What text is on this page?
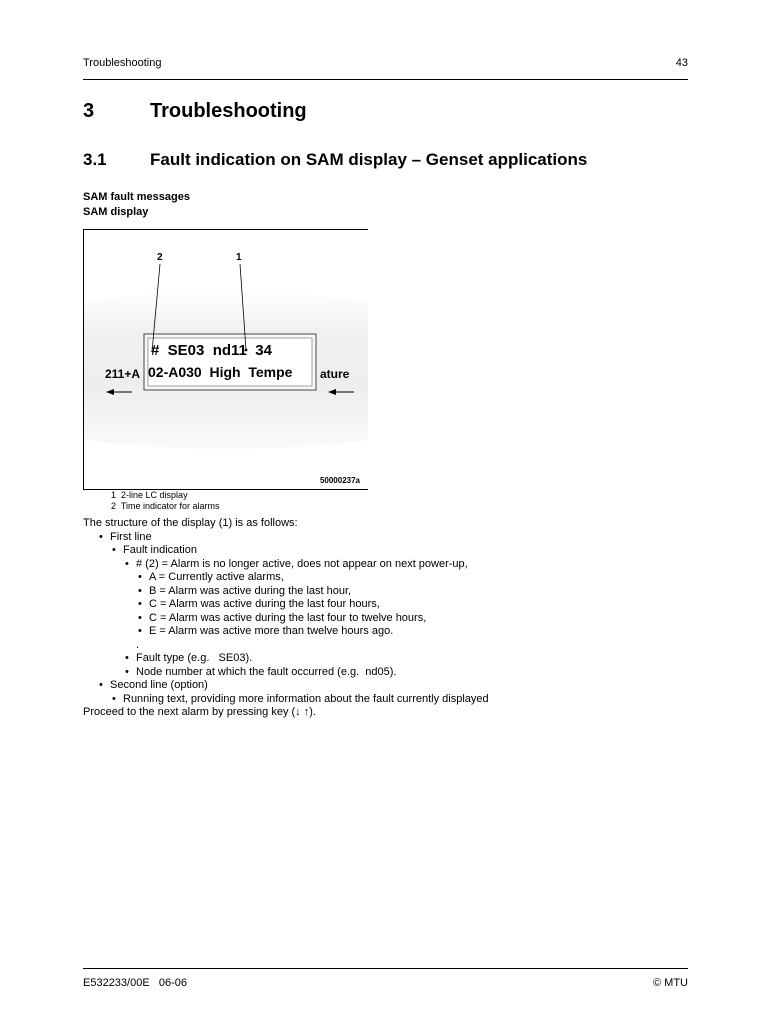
Troubleshooting	43
3	Troubleshooting
3.1	Fault indication on SAM display – Genset applications
SAM fault messages
SAM display
2	1
#  SE03  nd11  34
02-A030  High  Tempe
211+A	ature
50000237a
1 2-line LC display
2 Time indicator for alarms
The structure of the display (1) is as follows:
• First line
• Fault indication
• # (2) = Alarm is no longer active, does not appear on next power-up,
• A = Currently active alarms,
• B = Alarm was active during the last hour,
• C = Alarm was active during the last four hours,
• C = Alarm was active during the last four to twelve hours,
• E = Alarm was active more than twelve hours ago.
.
• Fault type (e.g.   SE03).
• Node number at which the fault occurred (e.g.  nd05).
• Second line (option)
• Running text, providing more information about the fault currently displayed
Proceed to the next alarm by pressing key (↓ ↑).
E532233/00E   06-06	© MTU
